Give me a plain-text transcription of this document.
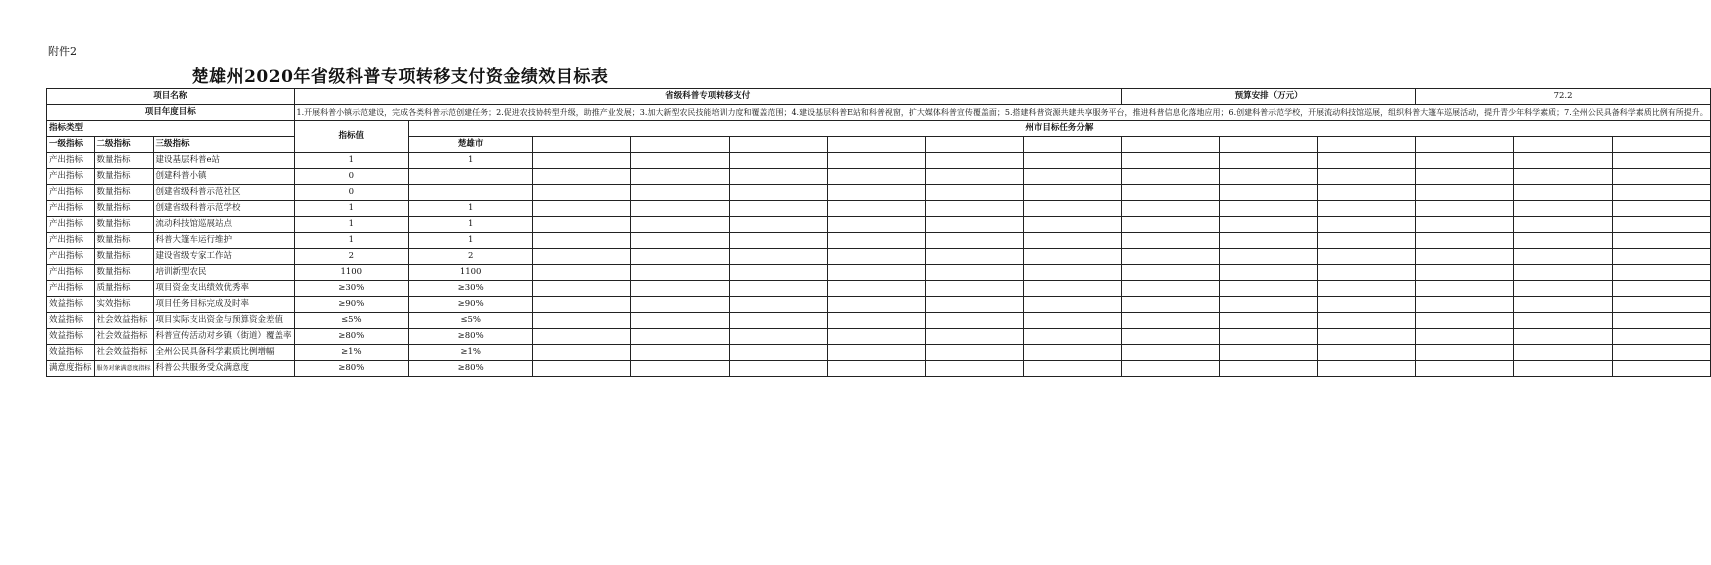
附件2
楚雄州2020年省级科普专项转移支付资金绩效目标表
项目名称			省级科普专项转移支付								预算安排（万元）			72.2		
项目年度目标			1.开展科普小镇示范建设，完成各类科普示范创建任务；2.促进农技协转型升级，助推产业发展；3.加大新型农民技能培训力度和覆盖范围；4.建设基层科普E站和科普视窗，扩大媒体科普宣传覆盖面；5.搭建科普资源共建共享服务平台，推进科普信息化落地应用；6.创建科普示范学校，开展流动科技馆巡展，组织科普大篷车巡展活动，提升青少年科学素质；7.全州公民具备科学素质比例有所提升。													
指标类型			指标值	州市目标任务分解												
一级指标	二级指标	三级指标		楚雄市												
产出指标	数量指标	建设基层科普e站	1	1												
产出指标	数量指标	创建科普小镇	0													
产出指标	数量指标	创建省级科普示范社区	0													
产出指标	数量指标	创建省级科普示范学校	1	1												
产出指标	数量指标	流动科技馆巡展站点	1	1												
产出指标	数量指标	科普大篷车运行维护	1	1												
产出指标	数量指标	建设省级专家工作站	2	2												
产出指标	数量指标	培训新型农民	1100	1100												
产出指标	质量指标	项目资金支出绩效优秀率	≥30%	≥30%												
效益指标	实效指标	项目任务目标完成及时率	≥90%	≥90%												
效益指标	社会效益指标	项目实际支出资金与预算资金差值	≤5%	≤5%												
效益指标	社会效益指标	科普宣传活动对乡镇（街道）覆盖率	≥80%	≥80%												
效益指标	社会效益指标	全州公民具备科学素质比例增幅	≥1%	≥1%												
满意度指标	服务对象满意度指标	科普公共服务受众满意度	≥80%	≥80%												
